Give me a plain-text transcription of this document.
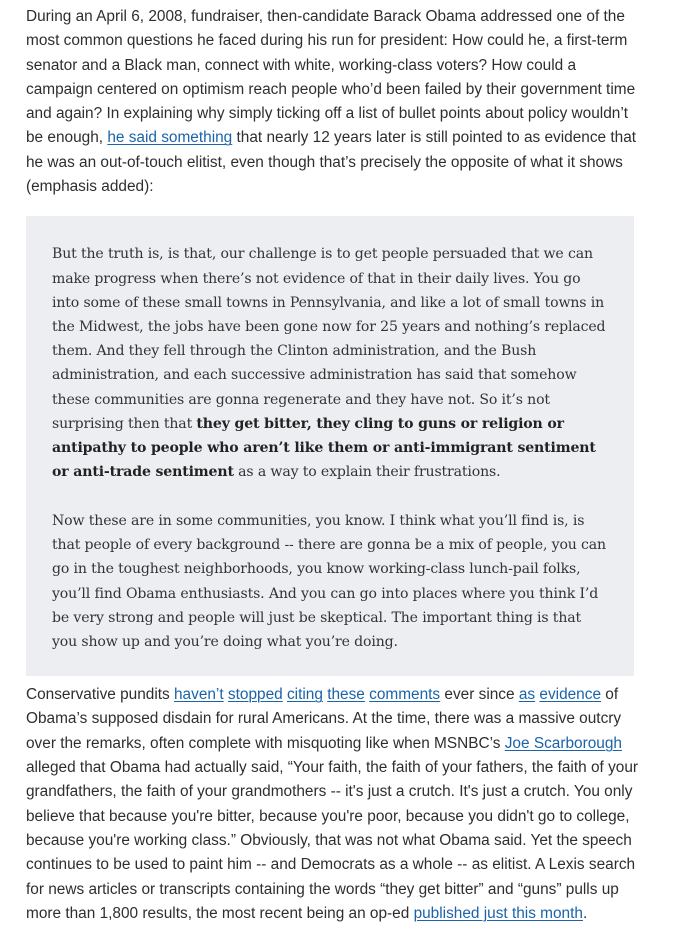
During an April 6, 2008, fundraiser, then-candidate Barack Obama addressed one of the most common questions he faced during his run for president: How could he, a first-term senator and a Black man, connect with white, working-class voters? How could a campaign centered on optimism reach people who’d been failed by their government time and again? In explaining why simply ticking off a list of bullet points about policy wouldn’t be enough, he said something that nearly 12 years later is still pointed to as evidence that he was an out-of-touch elitist, even though that’s precisely the opposite of what it shows (emphasis added):

But the truth is, is that, our challenge is to get people persuaded that we can make progress when there’s not evidence of that in their daily lives. You go into some of these small towns in Pennsylvania, and like a lot of small towns in the Midwest, the jobs have been gone now for 25 years and nothing’s replaced them. And they fell through the Clinton administration, and the Bush administration, and each successive administration has said that somehow these communities are gonna regenerate and they have not. So it’s not surprising then that they get bitter, they cling to guns or religion or antipathy to people who aren’t like them or anti-immigrant sentiment or anti-trade sentiment as a way to explain their frustrations.

Now these are in some communities, you know. I think what you’ll find is, is that people of every background -- there are gonna be a mix of people, you can go in the toughest neighborhoods, you know working-class lunch-pail folks, you’ll find Obama enthusiasts. And you can go into places where you think I’d be very strong and people will just be skeptical. The important thing is that you show up and you’re doing what you’re doing.

Conservative pundits haven’t stopped citing these comments ever since as evidence of Obama’s supposed disdain for rural Americans. At the time, there was a massive outcry over the remarks, often complete with misquoting like when MSNBC’s Joe Scarborough alleged that Obama had actually said, “Your faith, the faith of your fathers, the faith of your grandfathers, the faith of your grandmothers -- it's just a crutch. It's just a crutch. You only believe that because you're bitter, because you're poor, because you didn't go to college, because you're working class.” Obviously, that was not what Obama said. Yet the speech continues to be used to paint him -- and Democrats as a whole -- as elitist. A Lexis search for news articles or transcripts containing the words “they get bitter” and “guns” pulls up more than 1,800 results, the most recent being an op-ed published just this month.
